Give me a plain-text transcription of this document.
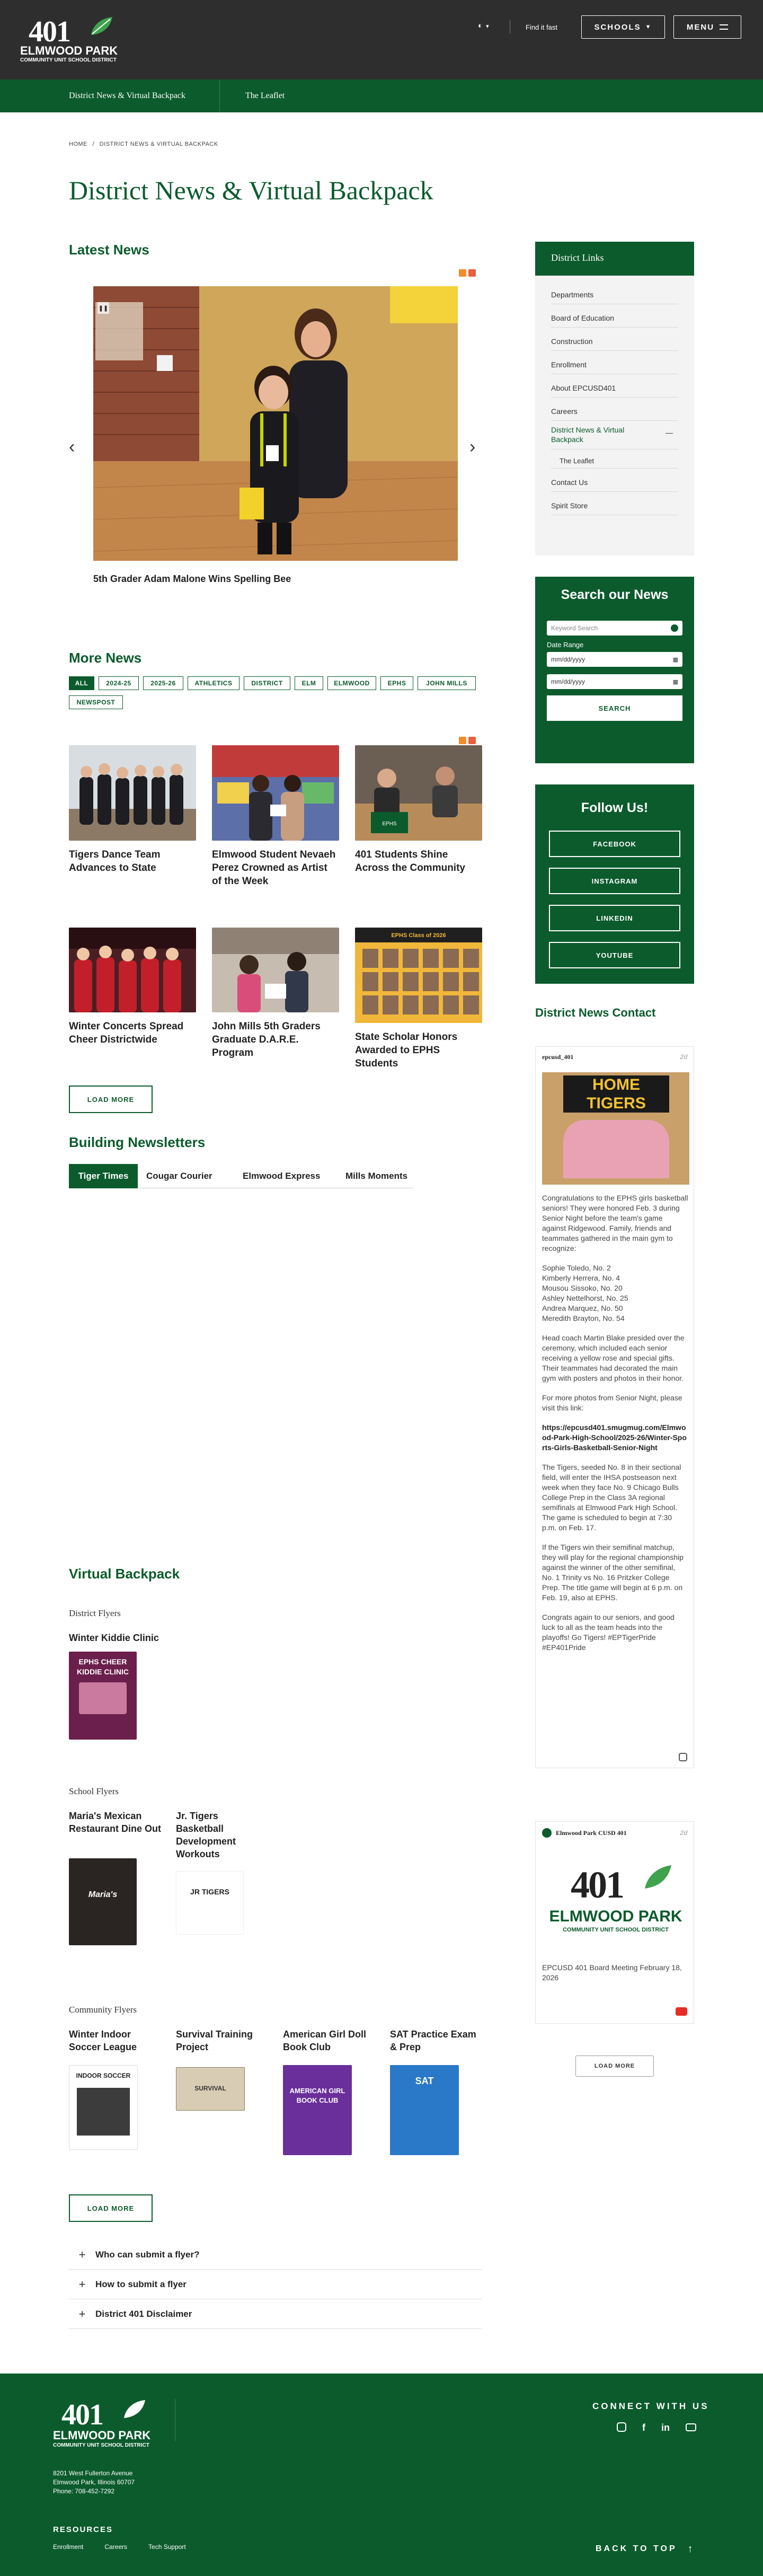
401
ELMWOOD PARK
COMMUNITY UNIT SCHOOL DISTRICT
◐ ▾	Find it fast	SCHOOLS ▼	MENU
District News & Virtual Backpack	The Leaflet
HOME / DISTRICT NEWS & VIRTUAL BACKPACK
District News & Virtual Backpack
Latest News
‹	›
❚❚
5th Grader Adam Malone Wins Spelling Bee
More News
ALL	2024-25	2025-26	ATHLETICS	DISTRICT	ELM	ELMWOOD	EPHS	JOHN MILLS
NEWSPOST
Tigers Dance Team Advances to State
Elmwood Student Nevaeh Perez Crowned as Artist of the Week
EPHS
401 Students Shine Across the Community
Winter Concerts Spread Cheer Districtwide
John Mills 5th Graders Graduate D.A.R.E. Program
EPHS Class of 2026
State Scholar Honors Awarded to EPHS Students
LOAD MORE
Building Newsletters
Tiger Times	Cougar Courier	Elmwood Express	Mills Moments
Virtual Backpack
District Flyers
Winter Kiddie Clinic
EPHS CHEER KIDDIE CLINIC
School Flyers
Maria's Mexican Restaurant Dine Out
Maria's
Jr. Tigers Basketball Development Workouts
JR TIGERS
Community Flyers
Winter Indoor Soccer League
INDOOR SOCCER
Survival Training Project
SURVIVAL
American Girl Doll Book Club
AMERICAN GIRL BOOK CLUB
SAT Practice Exam & Prep
SAT
LOAD MORE
+	Who can submit a flyer?
+	How to submit a flyer
+	District 401 Disclaimer
District Links
Departments
Board of Education
Construction
Enrollment
About EPCUSD401
Careers
District News & Virtual Backpack
—
The Leaflet
Contact Us
Spirit Store
Search our News
Keyword Search
Date Range
mm/dd/yyyy	▦
mm/dd/yyyy	▦
SEARCH
Follow Us!
FACEBOOK
INSTAGRAM
LINKEDIN
YOUTUBE
District News Contact
epcusd_401	2d
HOME TIGERS

Congratulations to the EPHS girls basketball seniors! They were honored Feb. 3 during Senior Night before the team's game against Ridgewood. Family, friends and teammates gathered in the main gym to recognize:

Sophie Toledo, No. 2
Kimberly Herrera, No. 4
Mousou Sissoko, No. 20
Ashley Nettelhorst, No. 25
Andrea Marquez, No. 50
Meredith Brayton, No. 54

Head coach Martin Blake presided over the ceremony, which included each senior receiving a yellow rose and special gifts. Their teammates had decorated the main gym with posters and photos in their honor.

For more photos from Senior Night, please visit this link:

https://epcusd401.smugmug.com/Elmwood-Park-High-School/2025-26/Winter-Sports-Girls-Basketball-Senior-Night

The Tigers, seeded No. 8 in their sectional field, will enter the IHSA postseason next week when they face No. 9 Chicago Bulls College Prep in the Class 3A regional semifinals at Elmwood Park High School. The game is scheduled to begin at 7:30 p.m. on Feb. 17.

If the Tigers win their semifinal matchup, they will play for the regional championship against the winner of the other semifinal, No. 1 Trinity vs No. 16 Pritzker College Prep. The title game will begin at 6 p.m. on Feb. 19, also at EPHS.

Congrats again to our seniors, and good luck to all as the team heads into the playoffs! Go Tigers! #EPTigerPride #EP401Pride

Elmwood Park CUSD 401	2d
401
ELMWOOD PARK
COMMUNITY UNIT SCHOOL DISTRICT
EPCUSD 401 Board Meeting February 18, 2026
LOAD MORE
401
ELMWOOD PARK
COMMUNITY UNIT SCHOOL DISTRICT
8201 West Fullerton Avenue
Elmwood Park, Illinois 60707
Phone: 708-452-7292
CONNECT WITH US
f in
RESOURCES
Enrollment	Careers	Tech Support	BACK TO TOP ↑
